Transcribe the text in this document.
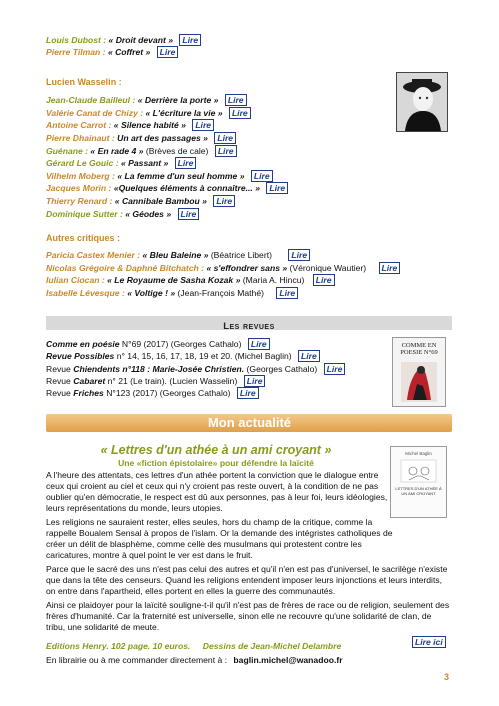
Louis Dubost : « Droit devant » Lire
Pierre Tilman : « Coffret » Lire
Lucien Wasselin :
Jean-Claude Bailleul : « Derrière la porte » Lire
Valérie Canat de Chizy : « L'écriture la vie » Lire
Antoine Carrot : « Silence habité » Lire
Pierre Dhainaut : Un art des passages » Lire
Guénane : « En rade 4 » (Brèves de cale) Lire
Gérard Le Gouic : « Passant » Lire
Vilhelm Moberg : « La femme d'un seul homme » Lire
Jacques Morin : «Quelques éléments à connaître... » Lire
Thierry Renard : « Cannibale Bambou » Lire
Dominique Sutter : « Géodes » Lire
Autres critiques :
Paricia Castex Menier : « Bleu Baleine » (Béatrice Libert) Lire
Nicolas Grégoire & Daphné Bitchatch : « s'effondrer sans » (Véronique Wautier) Lire
Iulian Ciocan : « Le Royaume de Sasha Kozak » (Maria A. Hincu) Lire
Isabelle Lévesque : « Voltige ! » (Jean-François Mathé) Lire
Les revues
Comme en poésie N°69 (2017) (Georges Cathalo) Lire
Revue Possibles n° 14, 15, 16, 17, 18, 19 et 20. (Michel Baglin) Lire
Revue Chiendents n°118 : Marie-Josée Christien. (Georges Cathalo) Lire
Revue Cabaret n° 21 (Le train). (Lucien Wasselin) Lire
Revue Friches N°123 (2017) (Georges Cathalo) Lire
COMME EN POESIE N°69
Mon actualité
« Lettres d'un athée à un ami croyant »
Une «fiction épistolaire» pour défendre la laïcité
Michel Baglin
LETTRES D'UN ATHÉE À UN AMI CROYANT
A l'heure des attentats, ces lettres d'un athée portent la conviction que le dialogue entre ceux qui croient au ciel et ceux qui n'y croient pas reste ouvert, à la condition de ne pas oublier qu'en démocratie, le respect est dû aux personnes, pas à leur foi, leurs idéologies, leurs représentations du monde, leurs utopies.
Les religions ne sauraient rester, elles seules, hors du champ de la critique, comme la rappelle Boualem Sensal à propos de l'islam. Or la demande des intégristes catholiques de créer un délit de blasphème, comme celle des musulmans qui protestent contre les caricatures, montre à quel point le ver est dans le fruit.
Parce que le sacré des uns n'est pas celui des autres et qu'il n'en est pas d'universel, le sacrilège n'existe que dans la tête des censeurs. Quand les religions entendent imposer leurs injonctions et leurs interdits, on entre dans l'apartheid, elles portent en elles la guerre des communautés.
Ainsi ce plaidoyer pour la laïcité souligne-t-il qu'il n'est pas de frères de race ou de religion, seulement des frères d'humanité. Car la fraternité est universelle, sinon elle ne recouvre qu'une solidarité de clan, de tribu, une solidarité de meute.
Editions Henry. 102 page. 10 euros. Dessins de Jean-Michel Delambre	Lire ici
En librairie ou à me commander directement à : baglin.michel@wanadoo.fr
3
